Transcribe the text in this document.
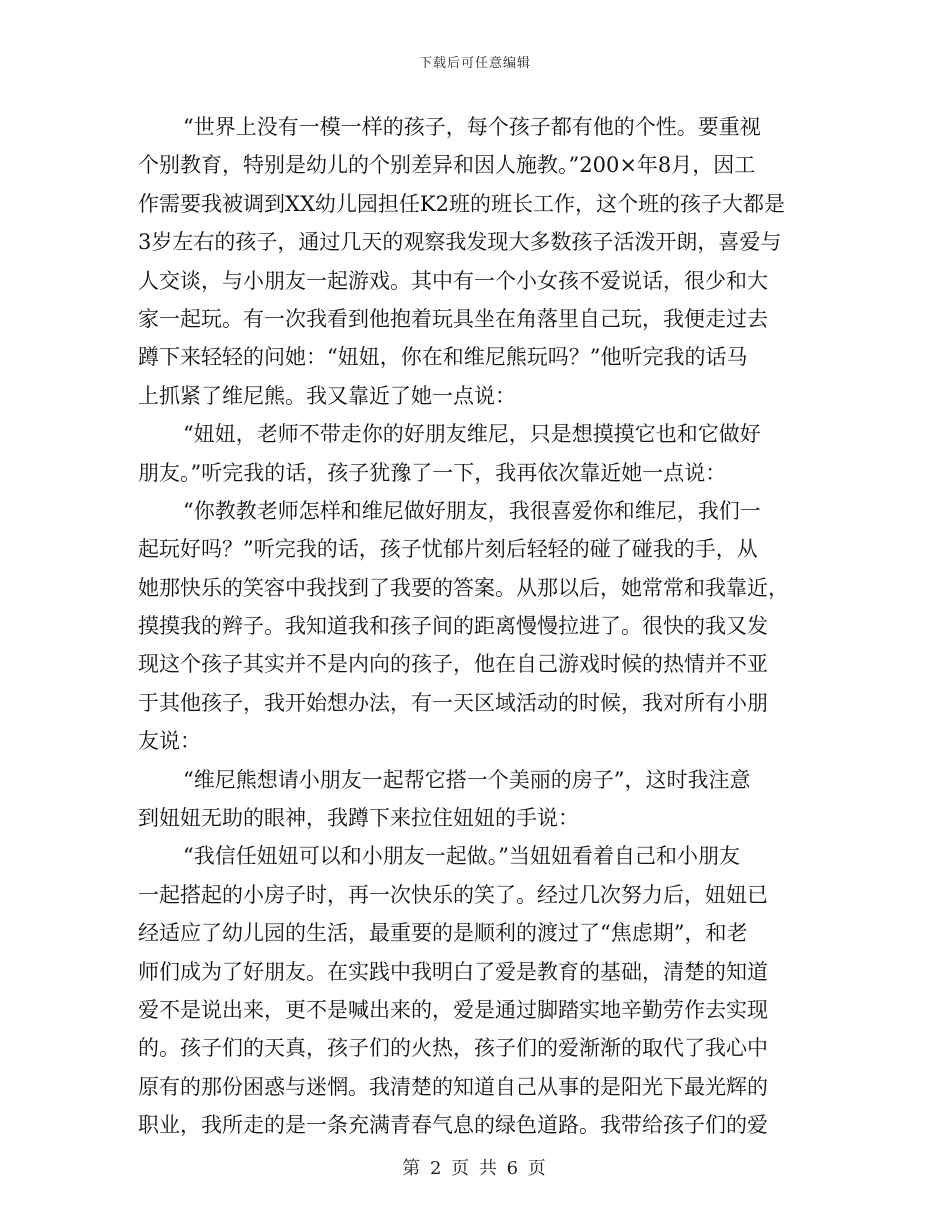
下载后可任意编辑
“世界上没有一模一样的孩子，每个孩子都有他的个性。要重视
个别教育，特别是幼儿的个别差异和因人施教。”200×年8月，因工
作需要我被调到XX幼儿园担任K2班的班长工作，这个班的孩子大都是
3岁左右的孩子，通过几天的观察我发现大多数孩子活泼开朗，喜爱与
人交谈，与小朋友一起游戏。其中有一个小女孩不爱说话，很少和大
家一起玩。有一次我看到他抱着玩具坐在角落里自己玩，我便走过去
蹲下来轻轻的问她：“妞妞，你在和维尼熊玩吗？”他听完我的话马
上抓紧了维尼熊。我又靠近了她一点说：
“妞妞，老师不带走你的好朋友维尼，只是想摸摸它也和它做好
朋友。”听完我的话，孩子犹豫了一下，我再依次靠近她一点说：
“你教教老师怎样和维尼做好朋友，我很喜爱你和维尼，我们一
起玩好吗？”听完我的话，孩子忧郁片刻后轻轻的碰了碰我的手，从
她那快乐的笑容中我找到了我要的答案。从那以后，她常常和我靠近，
摸摸我的辫子。我知道我和孩子间的距离慢慢拉进了。很快的我又发
现这个孩子其实并不是内向的孩子，他在自己游戏时候的热情并不亚
于其他孩子，我开始想办法，有一天区域活动的时候，我对所有小朋
友说：
“维尼熊想请小朋友一起帮它搭一个美丽的房子”，这时我注意
到妞妞无助的眼神，我蹲下来拉住妞妞的手说：
“我信任妞妞可以和小朋友一起做。”当妞妞看着自己和小朋友
一起搭起的小房子时，再一次快乐的笑了。经过几次努力后，妞妞已
经适应了幼儿园的生活，最重要的是顺利的渡过了“焦虑期”，和老
师们成为了好朋友。在实践中我明白了爱是教育的基础，清楚的知道
爱不是说出来，更不是喊出来的，爱是通过脚踏实地辛勤劳作去实现
的。孩子们的天真，孩子们的火热，孩子们的爱渐渐的取代了我心中
原有的那份困惑与迷惘。我清楚的知道自己从事的是阳光下最光辉的
职业，我所走的是一条充满青春气息的绿色道路。我带给孩子们的爱
第 2 页 共 6 页
